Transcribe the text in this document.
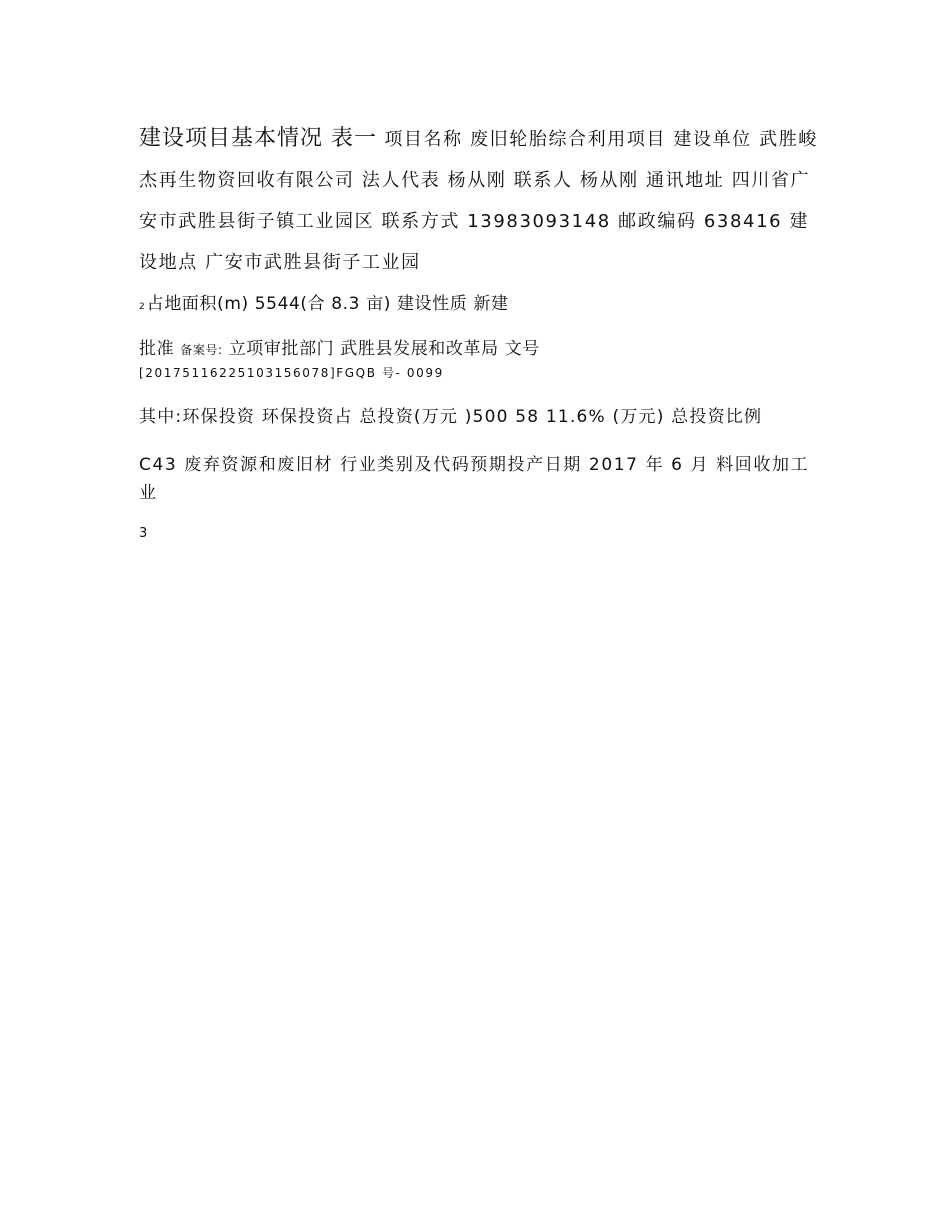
建设项目基本情况 表一 项目名称 废旧轮胎综合利用项目 建设单位 武胜峻杰再生物资回收有限公司 法人代表 杨从刚 联系人 杨从刚 通讯地址 四川省广安市武胜县街子镇工业园区 联系方式 13983093148 邮政编码 638416 建设地点 广安市武胜县街子工业园

2 占地面积(m) 5544(合 8.3 亩) 建设性质 新建

批准 备案号: 立项审批部门 武胜县发展和改革局 文号

[20175116225103156078]FGQB 号- 0099

其中:环保投资 环保投资占 总投资(万元 )500 58 11.6% (万元) 总投资比例

C43 废弃资源和废旧材 行业类别及代码预期投产日期 2017 年 6 月 料回收加工业

3
